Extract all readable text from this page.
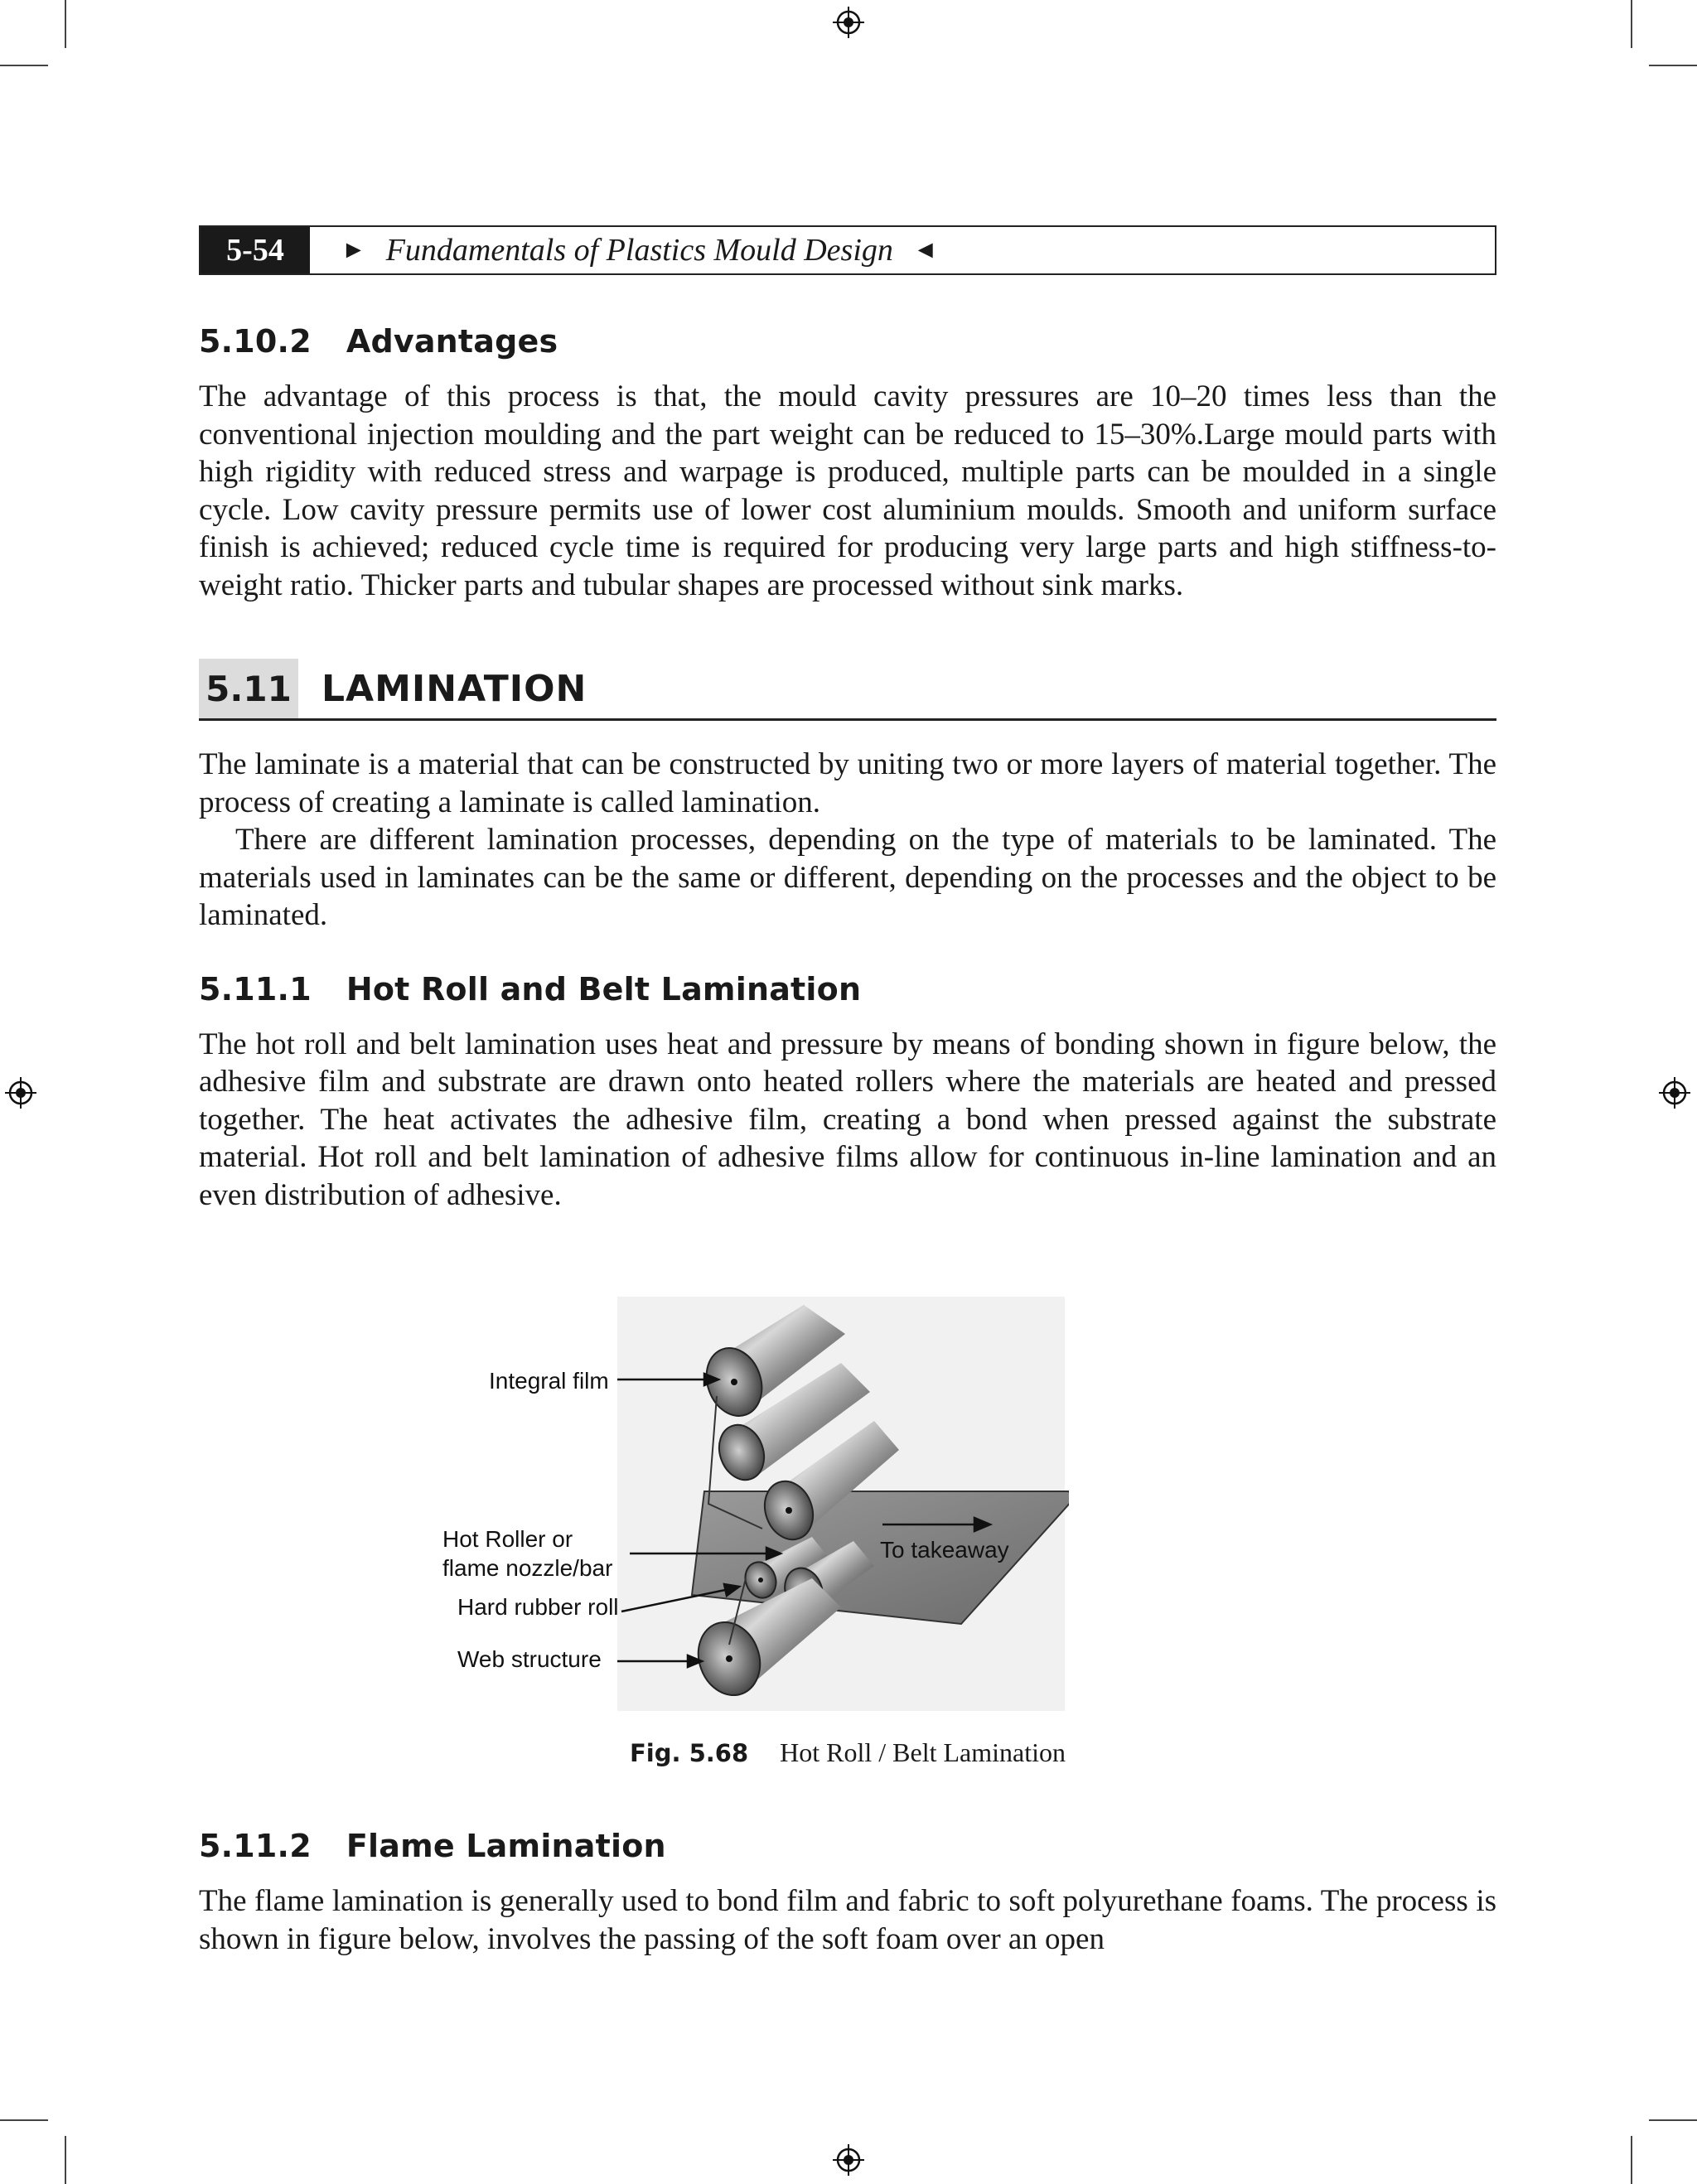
5-54	► Fundamentals of Plastics Mould Design ◄
5.10.2 Advantages

The advantage of this process is that, the mould cavity pressures are 10–20 times less than the conventional injection moulding and the part weight can be reduced to 15–30%.Large mould parts with high rigidity with reduced stress and warpage is produced, multiple parts can be moulded in a single cycle. Low cavity pressure permits use of lower cost aluminium moulds. Smooth and uniform surface finish is achieved; reduced cycle time is required for producing very large parts and high stiffness-to-weight ratio. Thicker parts and tubular shapes are processed without sink marks.

5.11 LAMINATION

The laminate is a material that can be constructed by uniting two or more layers of material together. The process of creating a laminate is called lamination.

There are different lamination processes, depending on the type of materials to be laminated. The materials used in laminates can be the same or different, depending on the processes and the object to be laminated.

5.11.1 Hot Roll and Belt Lamination

The hot roll and belt lamination uses heat and pressure by means of bonding shown in figure below, the adhesive film and substrate are drawn onto heated rollers where the materials are heated and pressed together. The heat activates the adhesive film, creating a bond when pressed against the substrate material. Hot roll and belt lamination of adhesive films allow for continuous in-line lamination and an even distribution of adhesive.

Integral film
Hot Roller or
flame nozzle/bar
Hard rubber roll
Web structure
To takeaway
Fig. 5.68 Hot Roll / Belt Lamination
5.11.2 Flame Lamination

The flame lamination is generally used to bond film and fabric to soft polyurethane foams. The process is shown in figure below, involves the passing of the soft foam over an open
